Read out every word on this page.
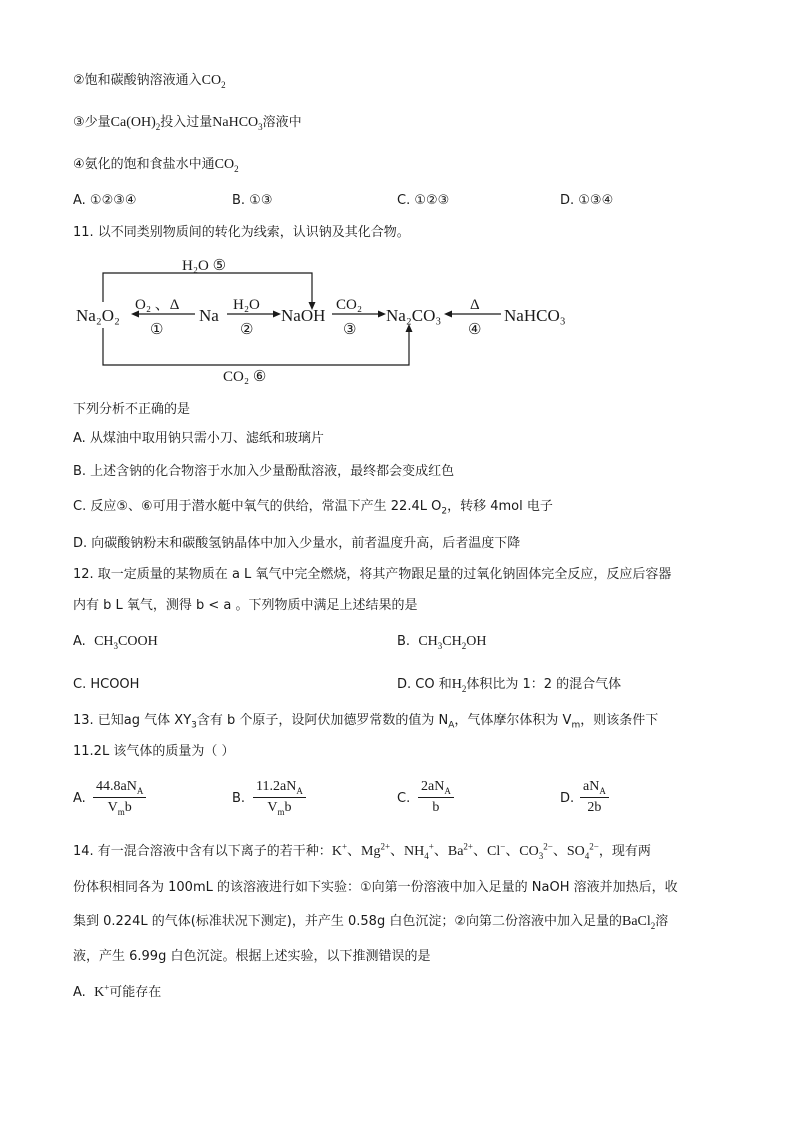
②饱和碳酸钠溶液通入$CO_2$
③少量$Ca(OH)_2$投入过量NaHCO$_3$溶液中
④氨化的饱和食盐水中通$CO_2$
A. ①②③④	B. ①③	C. ①②③	D. ①③④
11. 以不同类别物质间的转化为线索，认识钠及其化合物。
Na₂O₂	Na	NaOH	Na₂CO₃	NaHCO₃
H₂O ⑤
CO₂ ⑥
O₂ 、Δ	H₂O	CO₂	Δ
①	②	③	④
下列分析不正确的是
A. 从煤油中取用钠只需小刀、滤纸和玻璃片
B. 上述含钠的化合物溶于水加入少量酚酞溶液，最终都会变成红色
C. 反应⑤、⑥可用于潜水艇中氧气的供给，常温下产生 22.4L $O_2$，转移 4mol 电子
D. 向碳酸钠粉末和碳酸氢钠晶体中加入少量水，前者温度升高，后者温度下降
12. 取一定质量的某物质在 a L 氧气中完全燃烧，将其产物跟足量的过氧化钠固体完全反应，反应后容器
内有 b L 氧气，测得 b < a 。下列物质中满足上述结果的是
A. $CH_3COOH$	B. $CH_3CH_2OH$
C. HCOOH	D. CO 和$H_2$体积比为 1：2 的混合气体
13. 已知ag 气体 $XY_3$含有 b 个原子，设阿伏加德罗常数的值为 $N_A$，气体摩尔体积为 $V_m$，则该条件下
11.2L 该气体的质量为（ ）
A.
$44.8aN_A$
$V_mb$
B.
$11.2aN_A$
$V_mb$
C.
$2aN_A$
b
D.
$aN_A$
2b
14. 有一混合溶液中含有以下离子的若干种：K+、$Mg^{2+}$、$NH_4^+$、$Ba^{2+}$、Cl−、$CO_3^{2-}$、$SO_4^{2-}$，现有两
份体积相同各为 100mL 的该溶液进行如下实验：①向第一份溶液中加入足量的 NaOH 溶液并加热后，收
集到 0.224L 的气体(标准状况下测定)，并产生 0.58g 白色沉淀；②向第二份溶液中加入足量的BaCl$_2$溶
液，产生 6.99g 白色沉淀。根据上述实验，以下推测错误的是
A. K+可能存在
